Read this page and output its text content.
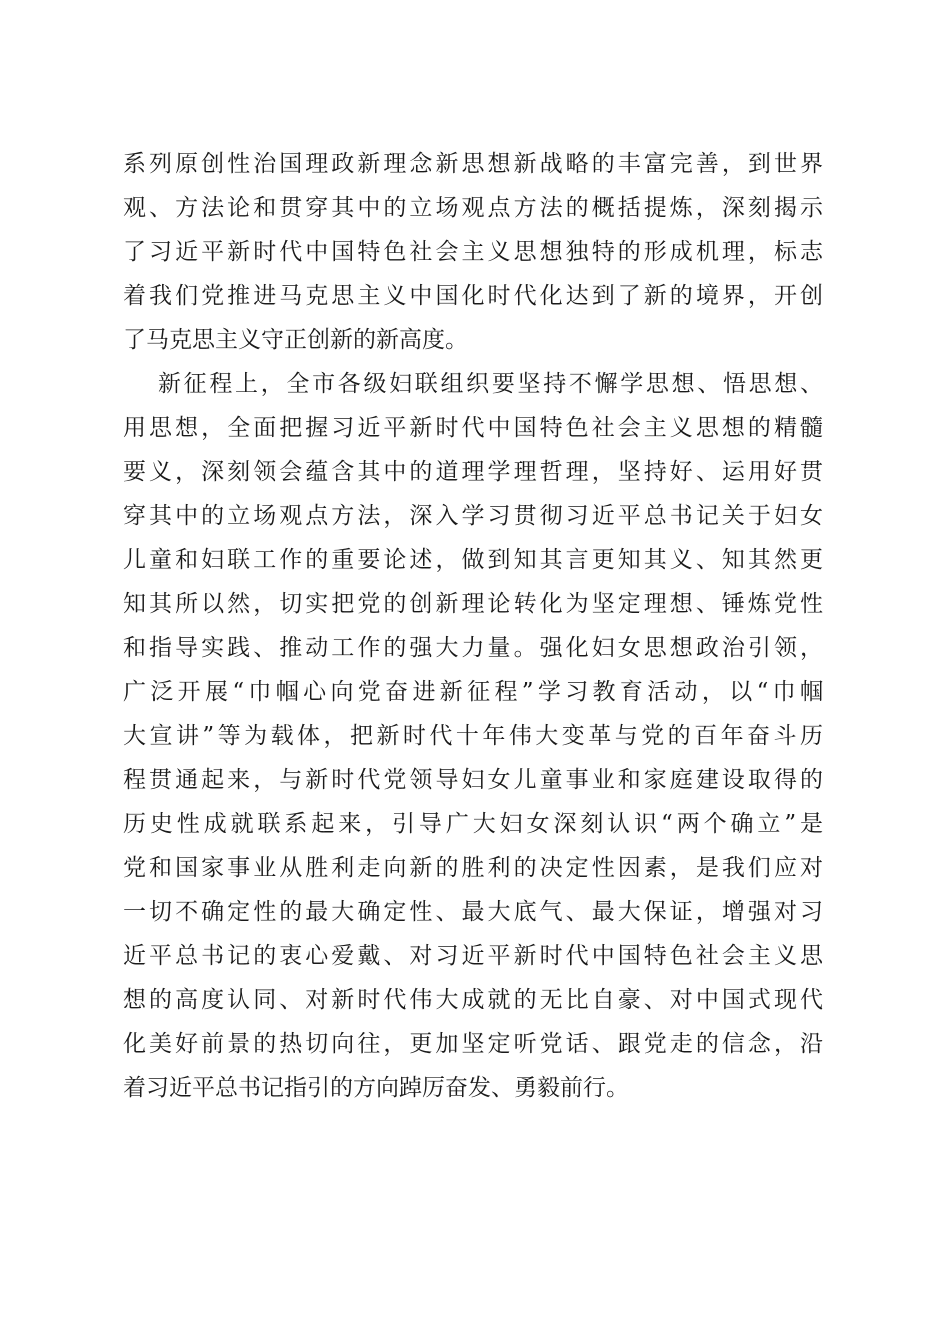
系列原创性治国理政新理念新思想新战略的丰富完善，到世界
观、方法论和贯穿其中的立场观点方法的概括提炼，深刻揭示
了习近平新时代中国特色社会主义思想独特的形成机理，标志
着我们党推进马克思主义中国化时代化达到了新的境界，开创
了马克思主义守正创新的新高度。
新征程上，全市各级妇联组织要坚持不懈学思想、悟思想、
用思想，全面把握习近平新时代中国特色社会主义思想的精髓
要义，深刻领会蕴含其中的道理学理哲理，坚持好、运用好贯
穿其中的立场观点方法，深入学习贯彻习近平总书记关于妇女
儿童和妇联工作的重要论述，做到知其言更知其义、知其然更
知其所以然，切实把党的创新理论转化为坚定理想、锤炼党性
和指导实践、推动工作的强大力量。强化妇女思想政治引领，
广泛开展“巾帼心向党奋进新征程”学习教育活动，以“巾帼
大宣讲”等为载体，把新时代十年伟大变革与党的百年奋斗历
程贯通起来，与新时代党领导妇女儿童事业和家庭建设取得的
历史性成就联系起来，引导广大妇女深刻认识“两个确立”是
党和国家事业从胜利走向新的胜利的决定性因素，是我们应对
一切不确定性的最大确定性、最大底气、最大保证，增强对习
近平总书记的衷心爱戴、对习近平新时代中国特色社会主义思
想的高度认同、对新时代伟大成就的无比自豪、对中国式现代
化美好前景的热切向往，更加坚定听党话、跟党走的信念，沿
着习近平总书记指引的方向踔厉奋发、勇毅前行。
